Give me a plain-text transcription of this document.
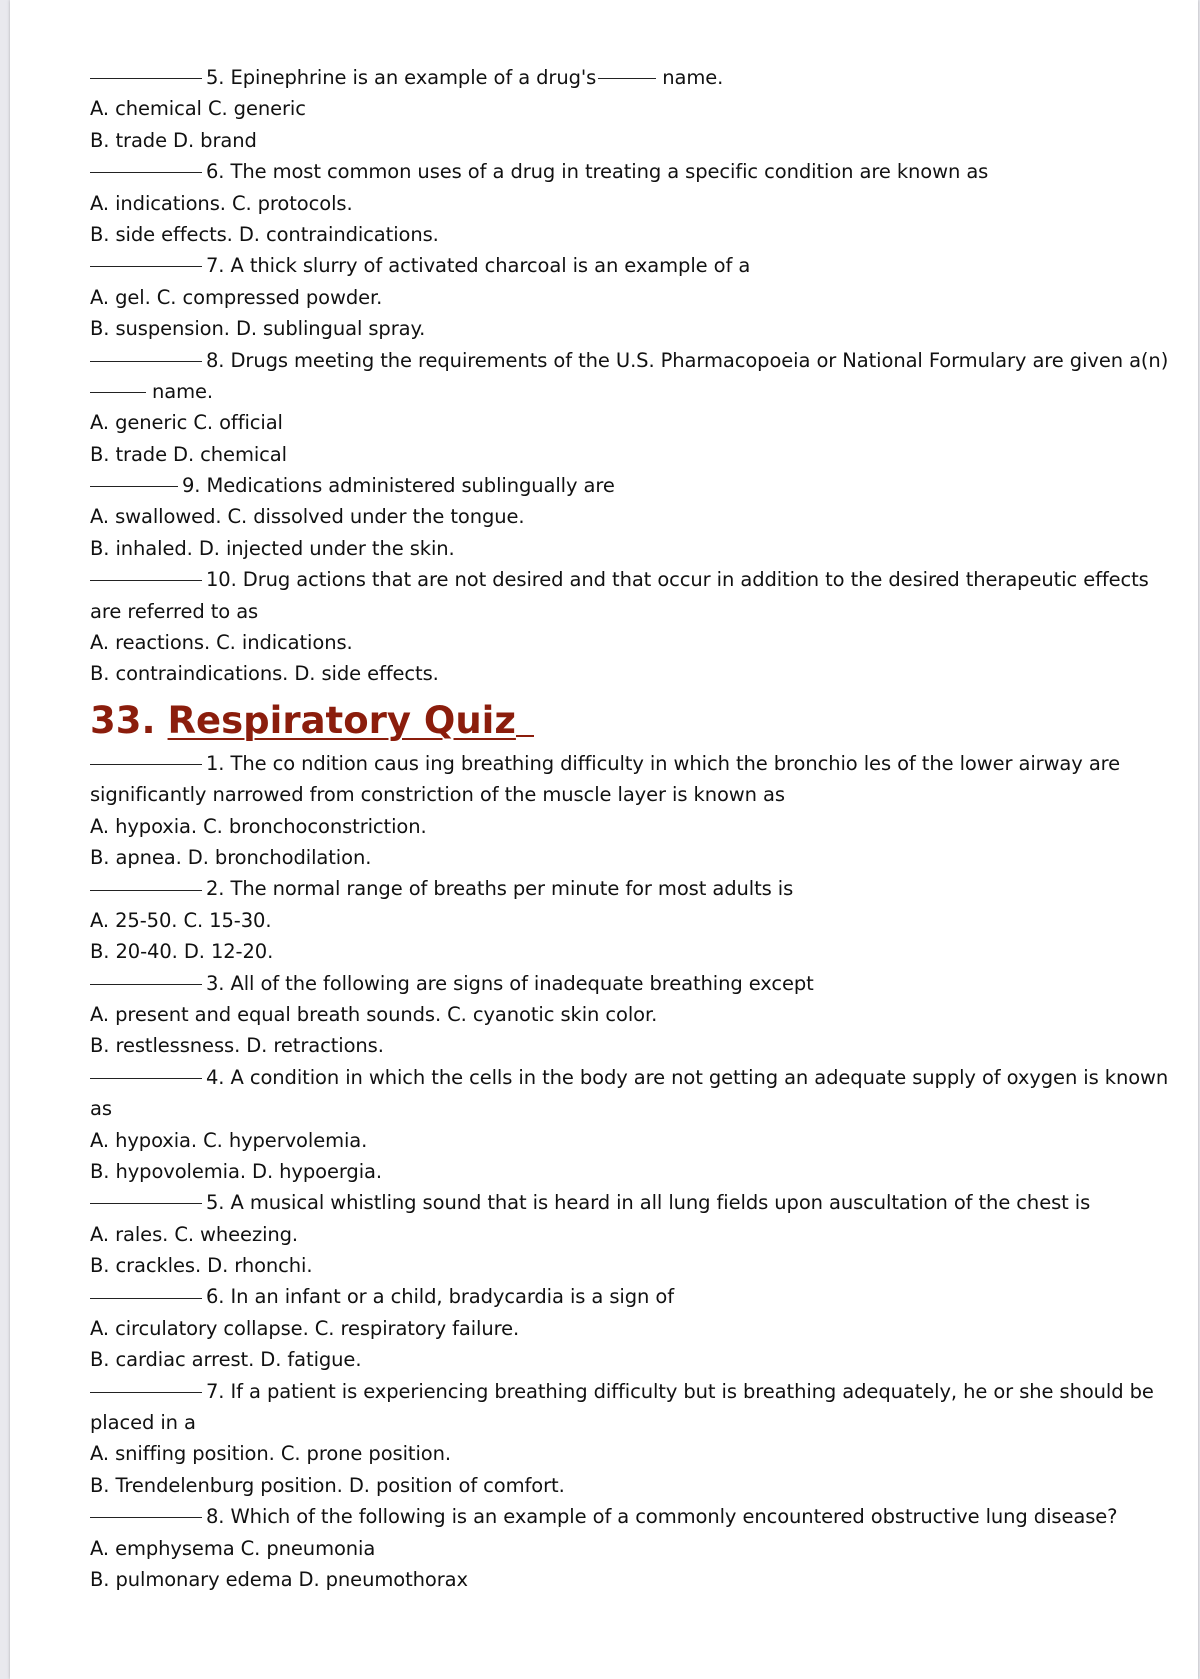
5. Epinephrine is an example of a drug's	name.
A. chemical C. generic
B. trade D. brand
6. The most common uses of a drug in treating a specific condition are known as
A. indications. C. protocols.
B. side effects. D. contraindications.
7. A thick slurry of activated charcoal is an example of a
A. gel. C. compressed powder.
B. suspension. D. sublingual spray.
8. Drugs meeting the requirements of the U.S. Pharmacopoeia or National Formulary are given a(n)
name.
A. generic C. official
B. trade D. chemical
9. Medications administered sublingually are
A. swallowed. C. dissolved under the tongue.
B. inhaled. D. injected under the skin.
10. Drug actions that are not desired and that occur in addition to the desired therapeutic effects
are referred to as
A. reactions. C. indications.
B. contraindications. D. side effects.
33. Respiratory Quiz
1. The co ndition caus ing breathing difficulty in which the bronchio les of the lower airway are
significantly narrowed from constriction of the muscle layer is known as
A. hypoxia. C. bronchoconstriction.
B. apnea. D. bronchodilation.
2. The normal range of breaths per minute for most adults is
A. 25-50. C. 15-30.
B. 20-40. D. 12-20.
3. All of the following are signs of inadequate breathing except
A. present and equal breath sounds. C. cyanotic skin color.
B. restlessness. D. retractions.
4. A condition in which the cells in the body are not getting an adequate supply of oxygen is known
as
A. hypoxia. C. hypervolemia.
B. hypovolemia. D. hypoergia.
5. A musical whistling sound that is heard in all lung fields upon auscultation of the chest is
A. rales. C. wheezing.
B. crackles. D. rhonchi.
6. In an infant or a child, bradycardia is a sign of
A. circulatory collapse. C. respiratory failure.
B. cardiac arrest. D. fatigue.
7. If a patient is experiencing breathing difficulty but is breathing adequately, he or she should be
placed in a
A. sniffing position. C. prone position.
B. Trendelenburg position. D. position of comfort.
8. Which of the following is an example of a commonly encountered obstructive lung disease?
A. emphysema C. pneumonia
B. pulmonary edema D. pneumothorax
